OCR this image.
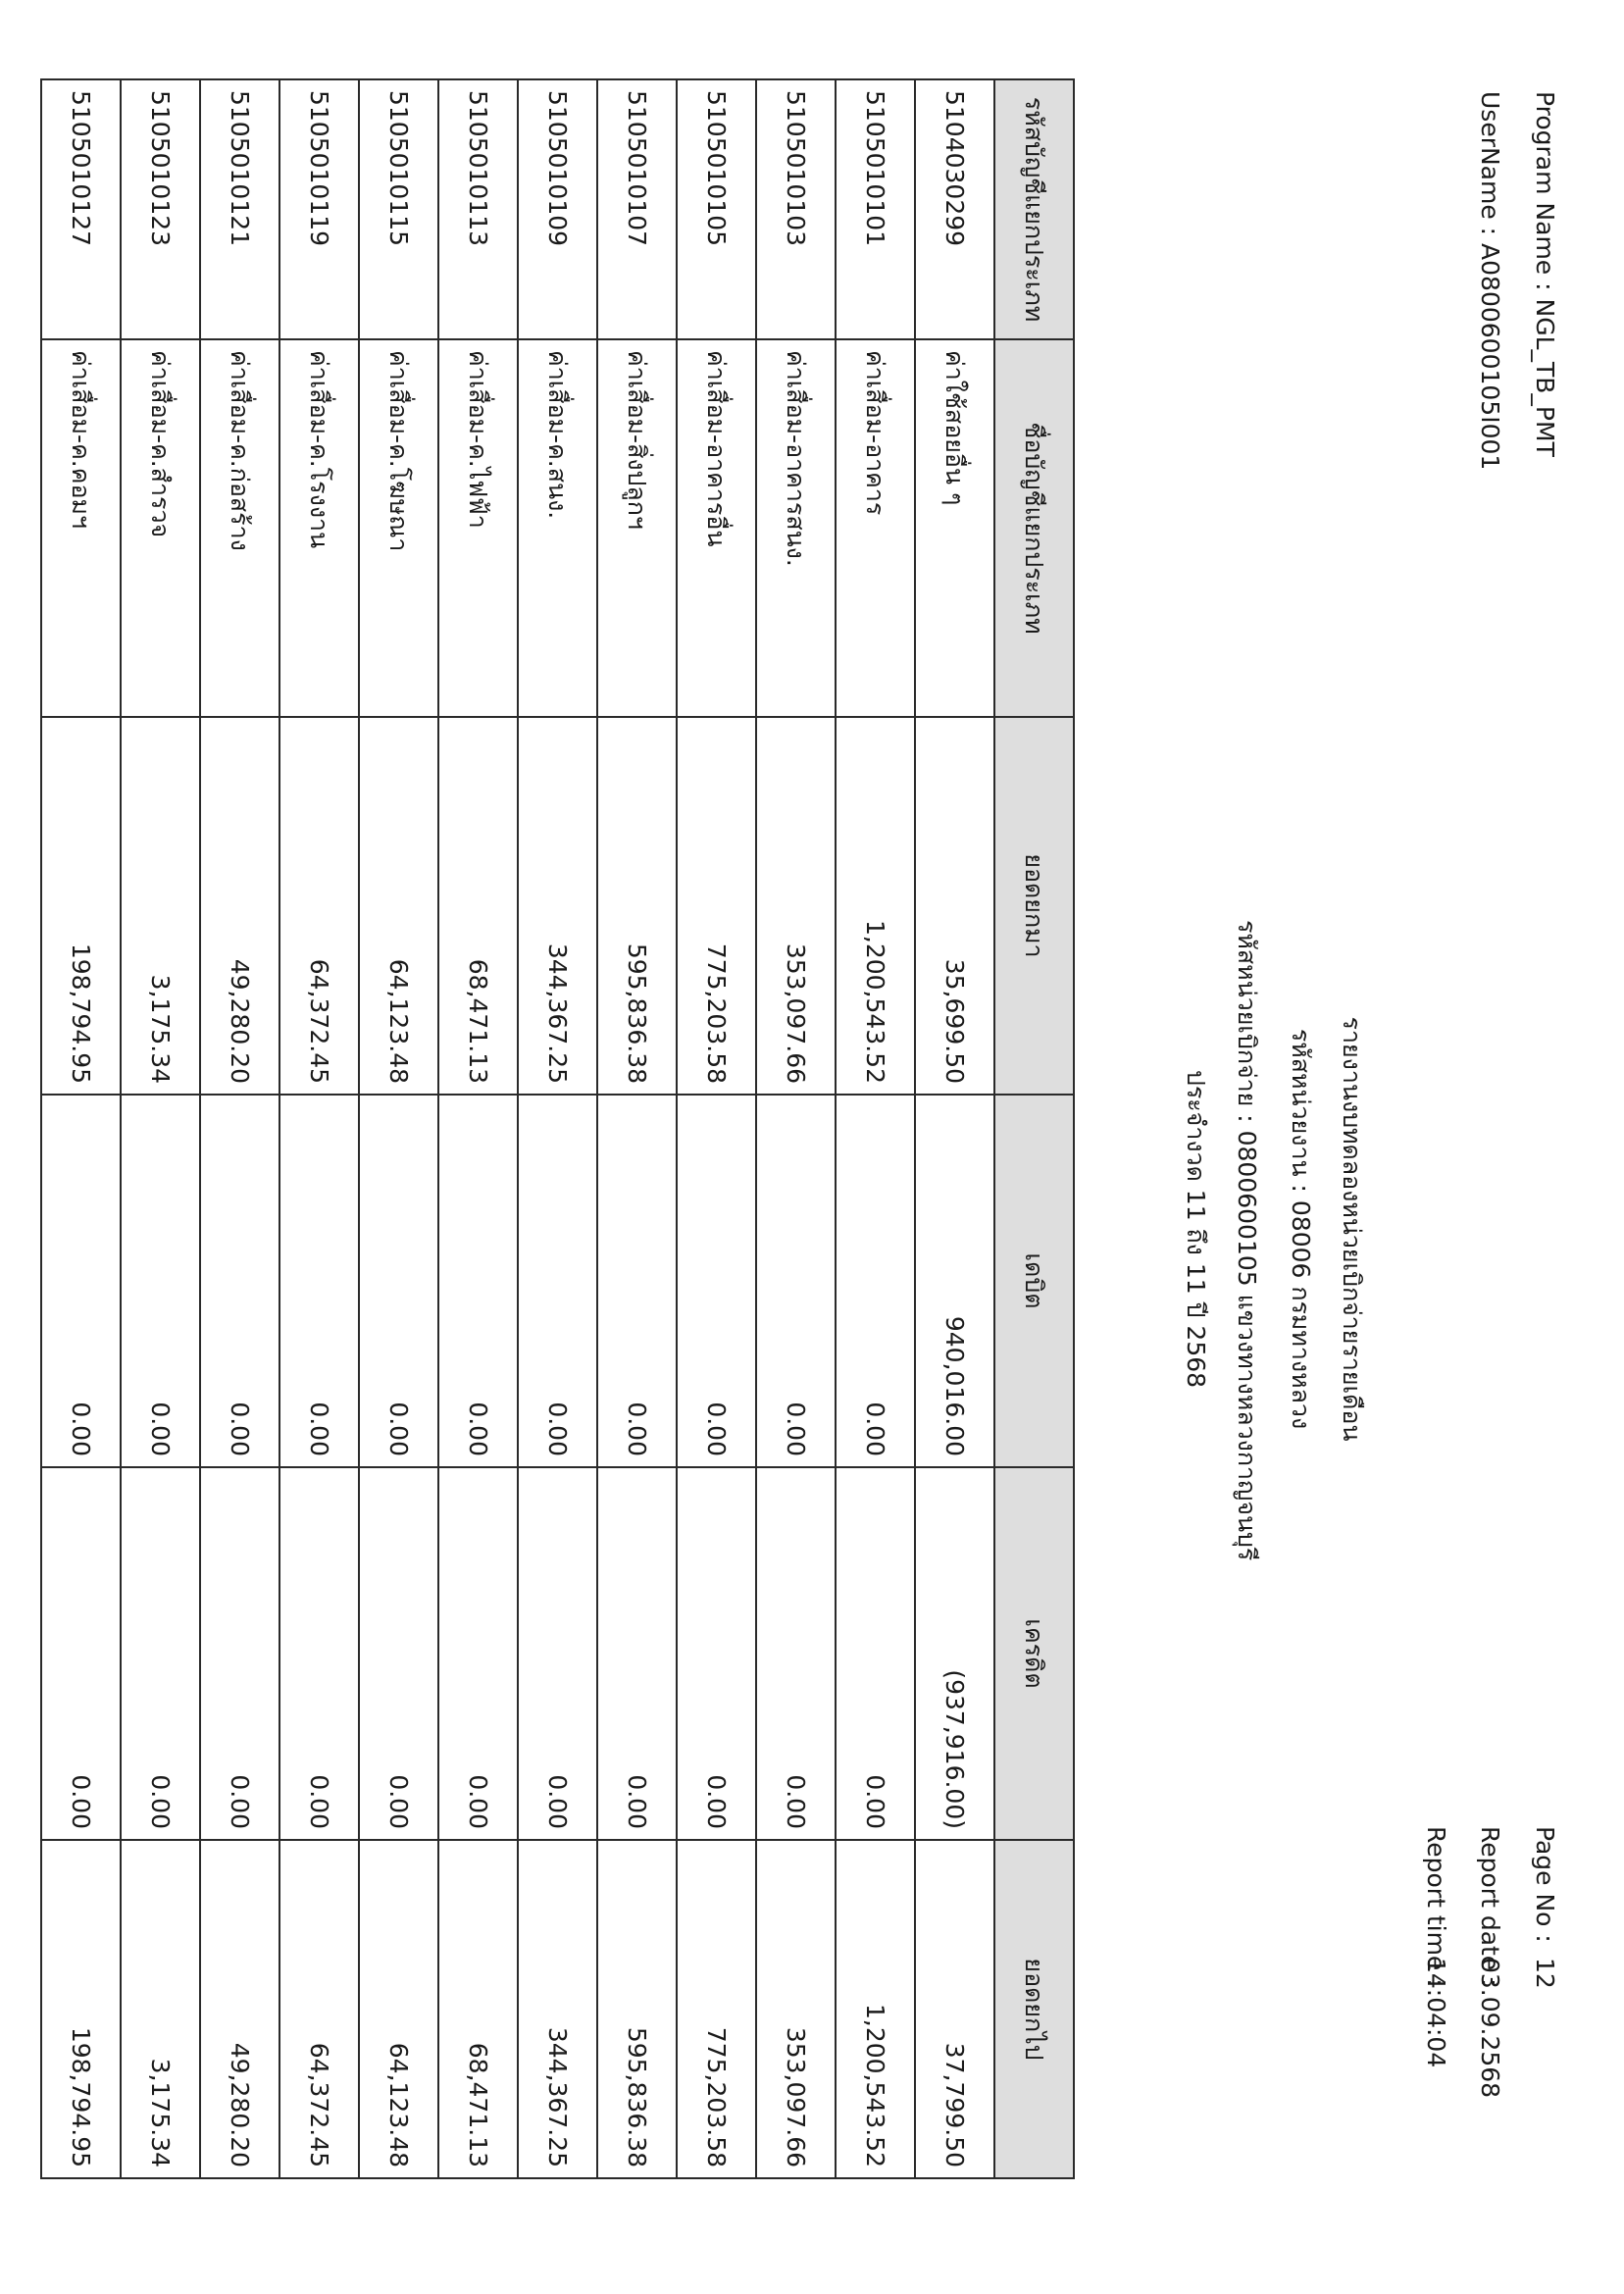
Program Name : NGL_TB_PMT
UserName : A0800600105I001
รายงานงบทดลองหน่วยเบิกจ่ายรายเดือน
รหัสหน่วยงาน : 08006 กรมทางหลวง
รหัสหน่วยเบิกจ่าย : 0800600105 แขวงทางหลวงกาญจนบุรี
ประจำงวด 11 ถึง 11 ปี 2568
Page No : 12
Report date : 03.09.2568
Report time : 14:04:04
รหัสบัญชีแยกประเภท	ชื่อบัญชีแยกประเภท	ยอดยกมา	เดบิต	เครดิต	ยอดยกไป
5104030299	ค่าใช้สอยอื่น ๆ	35,699.50	940,016.00	(937,916.00)	37,799.50
5105010101	ค่าเสื่อม-อาคาร	1,200,543.52	0.00	0.00	1,200,543.52
5105010103	ค่าเสื่อม-อาคารสนง.	353,097.66	0.00	0.00	353,097.66
5105010105	ค่าเสื่อม-อาคารอื่น	775,203.58	0.00	0.00	775,203.58
5105010107	ค่าเสื่อม-สิ่งปลูกฯ	595,836.38	0.00	0.00	595,836.38
5105010109	ค่าเสื่อม-ค.สนง.	344,367.25	0.00	0.00	344,367.25
5105010113	ค่าเสื่อม-ค.ไฟฟ้า	68,471.13	0.00	0.00	68,471.13
5105010115	ค่าเสื่อม-ค.โฆษณา	64,123.48	0.00	0.00	64,123.48
5105010119	ค่าเสื่อม-ค.โรงงาน	64,372.45	0.00	0.00	64,372.45
5105010121	ค่าเสื่อม-ค.ก่อสร้าง	49,280.20	0.00	0.00	49,280.20
5105010123	ค่าเสื่อม-ค.สำรวจ	3,175.34	0.00	0.00	3,175.34
5105010127	ค่าเสื่อม-ค.คอมฯ	198,794.95	0.00	0.00	198,794.95
